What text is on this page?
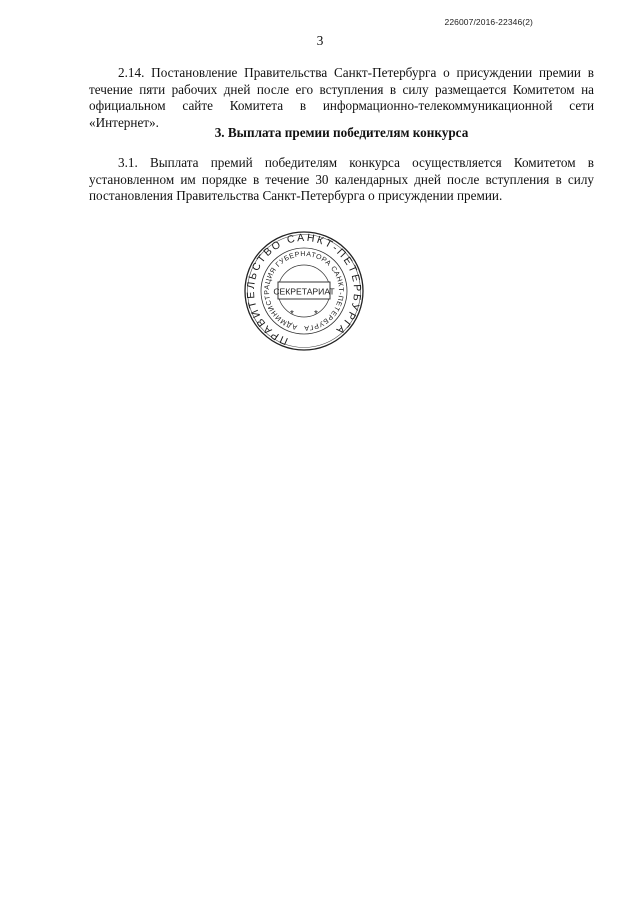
226007/2016-22346(2)
3

2.14. Постановление Правительства Санкт-Петербурга о присуждении премии в течение пяти рабочих дней после его вступления в силу размещается Комитетом на официальном сайте Комитета в информационно-телекоммуникационной сети «Интернет».

3. Выплата премии победителям конкурса

3.1. Выплата премий победителям конкурса осуществляется Комитетом в установленном им порядке в течение 30 календарных дней после вступления в силу постановления Правительства Санкт-Петербурга о присуждении премии.

ПРАВИТЕЛЬСТВО САНКТ-ПЕТЕРБУРГА
АДМИНИСТРАЦИЯ ГУБЕРНАТОРА САНКТ-ПЕТЕРБУРГА
СЕКРЕТАРИАТ
* *
